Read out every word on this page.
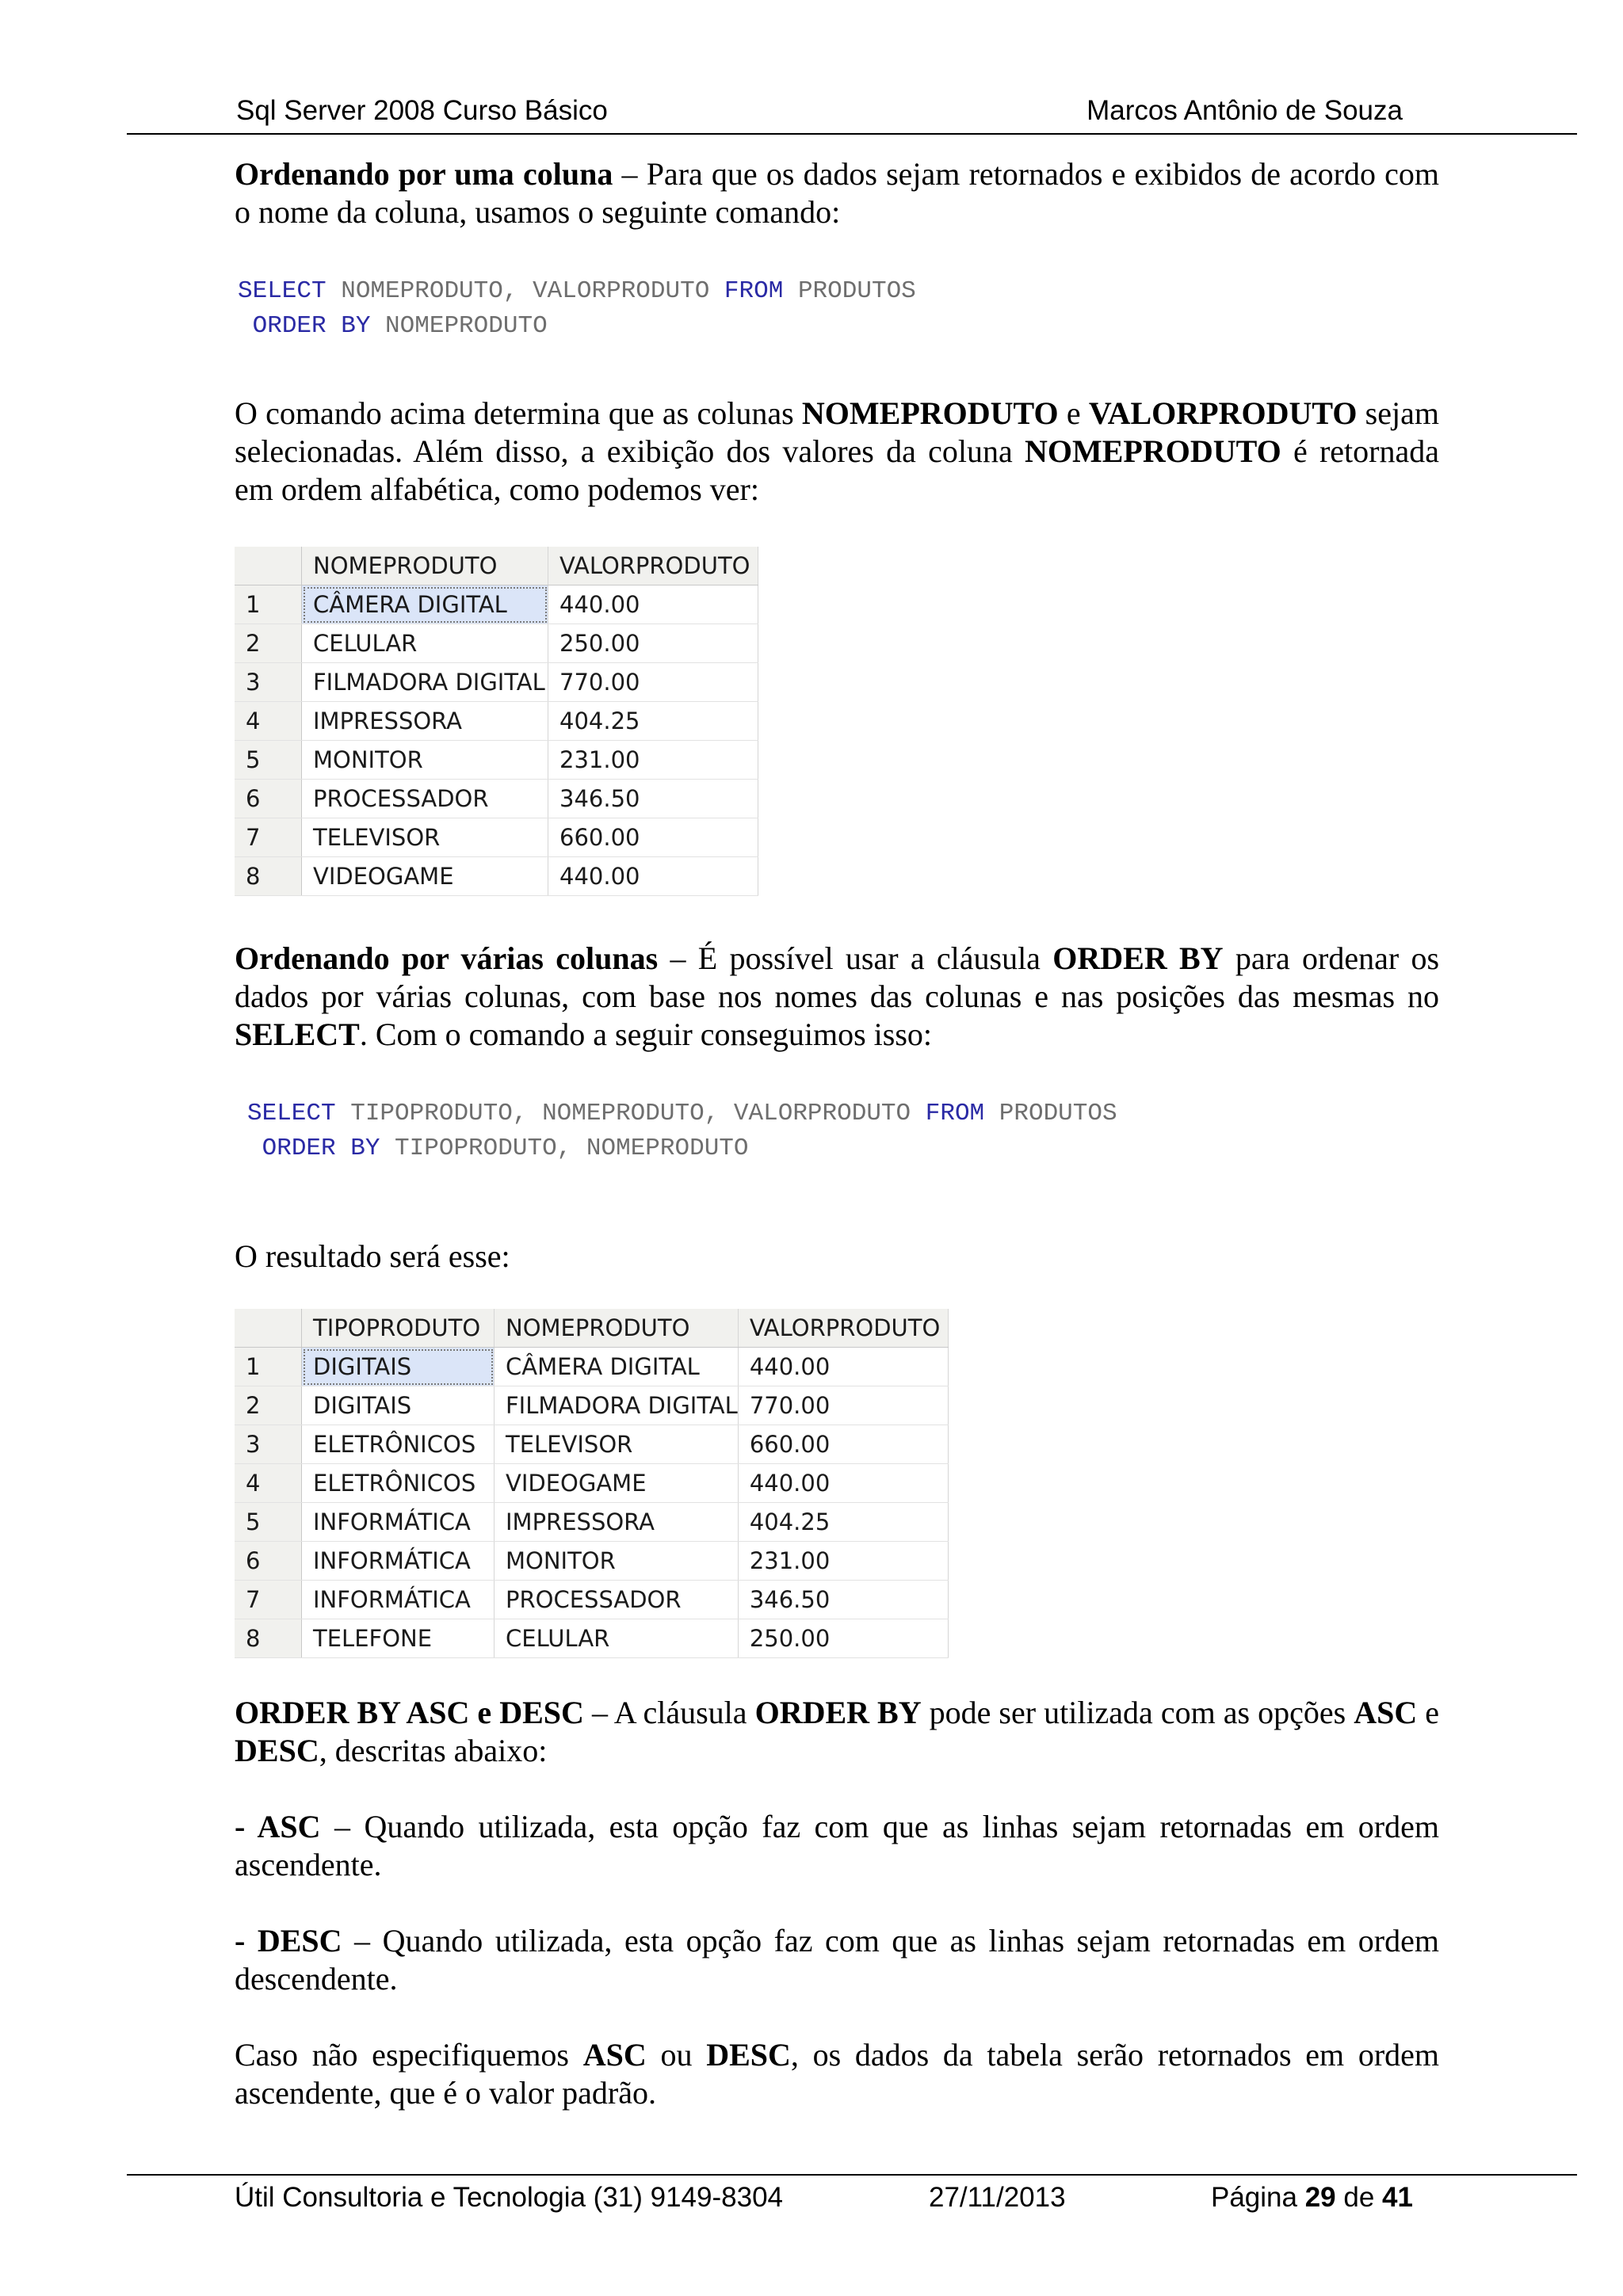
Sql Server 2008 Curso Básico	Marcos Antônio de Souza
Ordenando por uma coluna – Para que os dados sejam retornados e exibidos de acordo com o nome da coluna, usamos o seguinte comando:
SELECT NOMEPRODUTO, VALORPRODUTO FROM PRODUTOS
ORDER BY NOMEPRODUTO
O comando acima determina que as colunas NOMEPRODUTO e VALORPRODUTO sejam selecionadas. Além disso, a exibição dos valores da coluna NOMEPRODUTO é retornada em ordem alfabética, como podemos ver:
	NOMEPRODUTO	VALORPRODUTO
1	CÂMERA DIGITAL	440.00
2	CELULAR	250.00
3	FILMADORA DIGITAL	770.00
4	IMPRESSORA	404.25
5	MONITOR	231.00
6	PROCESSADOR	346.50
7	TELEVISOR	660.00
8	VIDEOGAME	440.00
Ordenando por várias colunas – É possível usar a cláusula ORDER BY para ordenar os dados por várias colunas, com base nos nomes das colunas e nas posições das mesmas no SELECT. Com o comando a seguir conseguimos isso:
SELECT TIPOPRODUTO, NOMEPRODUTO, VALORPRODUTO FROM PRODUTOS
ORDER BY TIPOPRODUTO, NOMEPRODUTO
O resultado será esse:
	TIPOPRODUTO	NOMEPRODUTO	VALORPRODUTO
1	DIGITAIS	CÂMERA DIGITAL	440.00
2	DIGITAIS	FILMADORA DIGITAL	770.00
3	ELETRÔNICOS	TELEVISOR	660.00
4	ELETRÔNICOS	VIDEOGAME	440.00
5	INFORMÁTICA	IMPRESSORA	404.25
6	INFORMÁTICA	MONITOR	231.00
7	INFORMÁTICA	PROCESSADOR	346.50
8	TELEFONE	CELULAR	250.00
ORDER BY ASC e DESC – A cláusula ORDER BY pode ser utilizada com as opções ASC e DESC, descritas abaixo:
- ASC – Quando utilizada, esta opção faz com que as linhas sejam retornadas em ordem ascendente.
- DESC – Quando utilizada, esta opção faz com que as linhas sejam retornadas em ordem descendente.
Caso não especifiquemos ASC ou DESC, os dados da tabela serão retornados em ordem ascendente, que é o valor padrão.
Útil Consultoria e Tecnologia (31) 9149-8304	27/11/2013	Página 29 de 41
